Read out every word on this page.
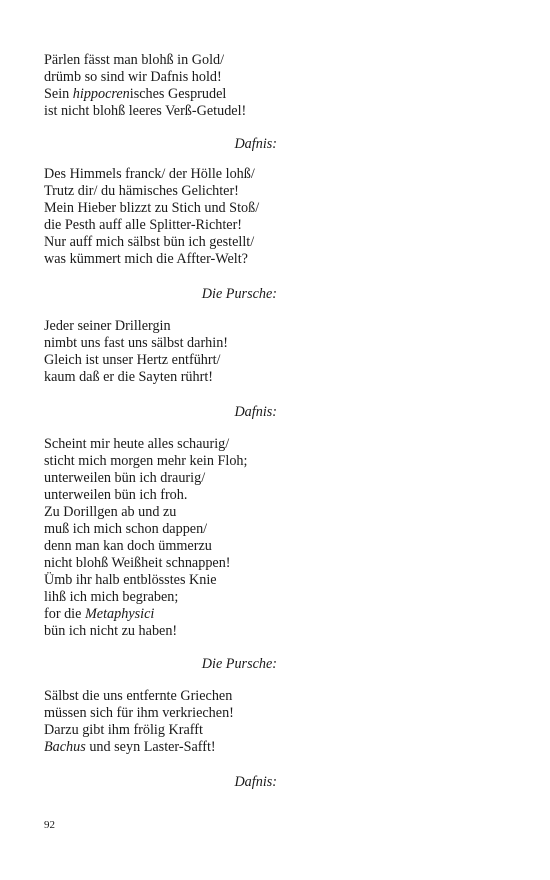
Pärlen fässt man blohß in Gold/
drümb so sind wir Dafnis hold!
Sein hippocrenisches Gesprudel
ist nicht blohß leeres Verß-Getudel!
Dafnis:
Des Himmels franck/ der Hölle lohß/
Trutz dir/ du hämisches Gelichter!
Mein Hieber blizzt zu Stich und Stoß/
die Pesth auff alle Splitter-Richter!
Nur auff mich sälbst bün ich gestellt/
was kümmert mich die Affter-Welt?
Die Pursche:
Jeder seiner Drillergin
nimbt uns fast uns sälbst darhin!
Gleich ist unser Hertz entführt/
kaum daß er die Sayten rührt!
Dafnis:
Scheint mir heute alles schaurig/
sticht mich morgen mehr kein Floh;
unterweilen bün ich draurig/
unterweilen bün ich froh.
Zu Dorillgen ab und zu
muß ich mich schon dappen/
denn man kan doch ümmerzu
nicht blohß Weißheit schnappen!
Ümb ihr halb entblösstes Knie
lihß ich mich begraben;
for die Metaphysici
bün ich nicht zu haben!
Die Pursche:
Sälbst die uns entfernte Griechen
müssen sich für ihm verkriechen!
Darzu gibt ihm frölig Krafft
Bachus und seyn Laster-Safft!
Dafnis:
92
